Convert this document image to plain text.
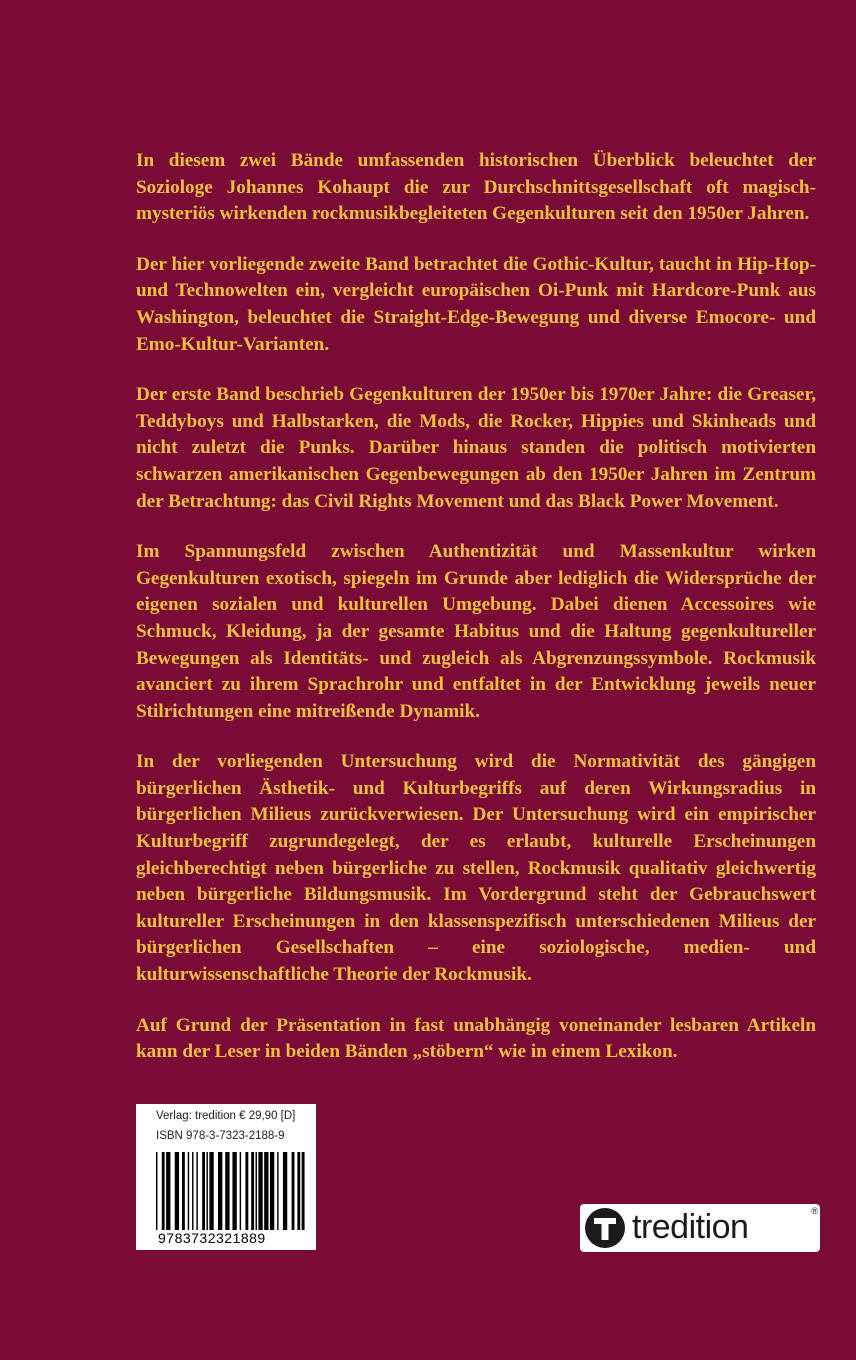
In diesem zwei Bände umfassenden historischen Überblick beleuchtet der Soziologe Johannes Kohaupt die zur Durchschnittsgesellschaft oft magisch-mysteriös wirkenden rockmusikbegleiteten Gegenkulturen seit den 1950er Jahren.

Der hier vorliegende zweite Band betrachtet die Gothic-Kultur, taucht in Hip-Hop- und Technowelten ein, vergleicht europäischen Oi-Punk mit Hardcore-Punk aus Washington, beleuchtet die Straight-Edge-Bewegung und diverse Emocore- und Emo-Kultur-Varianten.

Der erste Band beschrieb Gegenkulturen der 1950er bis 1970er Jahre: die Greaser, Teddyboys und Halbstarken, die Mods, die Rocker, Hippies und Skinheads und nicht zuletzt die Punks. Darüber hinaus standen die politisch motivierten schwarzen amerikanischen Gegenbewegungen ab den 1950er Jahren im Zentrum der Betrachtung: das Civil Rights Movement und das Black Power Movement.

Im Spannungsfeld zwischen Authentizität und Massenkultur wirken Gegenkulturen exotisch, spiegeln im Grunde aber lediglich die Widersprüche der eigenen sozialen und kulturellen Umgebung. Dabei dienen Accessoires wie Schmuck, Kleidung, ja der gesamte Habitus und die Haltung gegenkultureller Bewegungen als Identitäts- und zugleich als Abgrenzungssymbole. Rockmusik avanciert zu ihrem Sprachrohr und entfaltet in der Entwicklung jeweils neuer Stilrichtungen eine mitreißende Dynamik.

In der vorliegenden Untersuchung wird die Normativität des gängigen bürgerlichen Ästhetik- und Kulturbegriffs auf deren Wirkungsradius in bürgerlichen Milieus zurückverwiesen. Der Untersuchung wird ein empirischer Kulturbegriff zugrundegelegt, der es erlaubt, kulturelle Erscheinungen gleichberechtigt neben bürgerliche zu stellen, Rockmusik qualitativ gleichwertig neben bürgerliche Bildungsmusik. Im Vordergrund steht der Gebrauchswert kultureller Erscheinungen in den klassenspezifisch unterschiedenen Milieus der bürgerlichen Gesellschaften – eine soziologische, medien- und kulturwissenschaftliche Theorie der Rockmusik.

Auf Grund der Präsentation in fast unabhängig voneinander lesbaren Artikeln kann der Leser in beiden Bänden „stöbern“ wie in einem Lexikon.

Verlag: tredition € 29,90 [D]
ISBN 978-3-7323-2188-9
9783732321889	tredition	®
